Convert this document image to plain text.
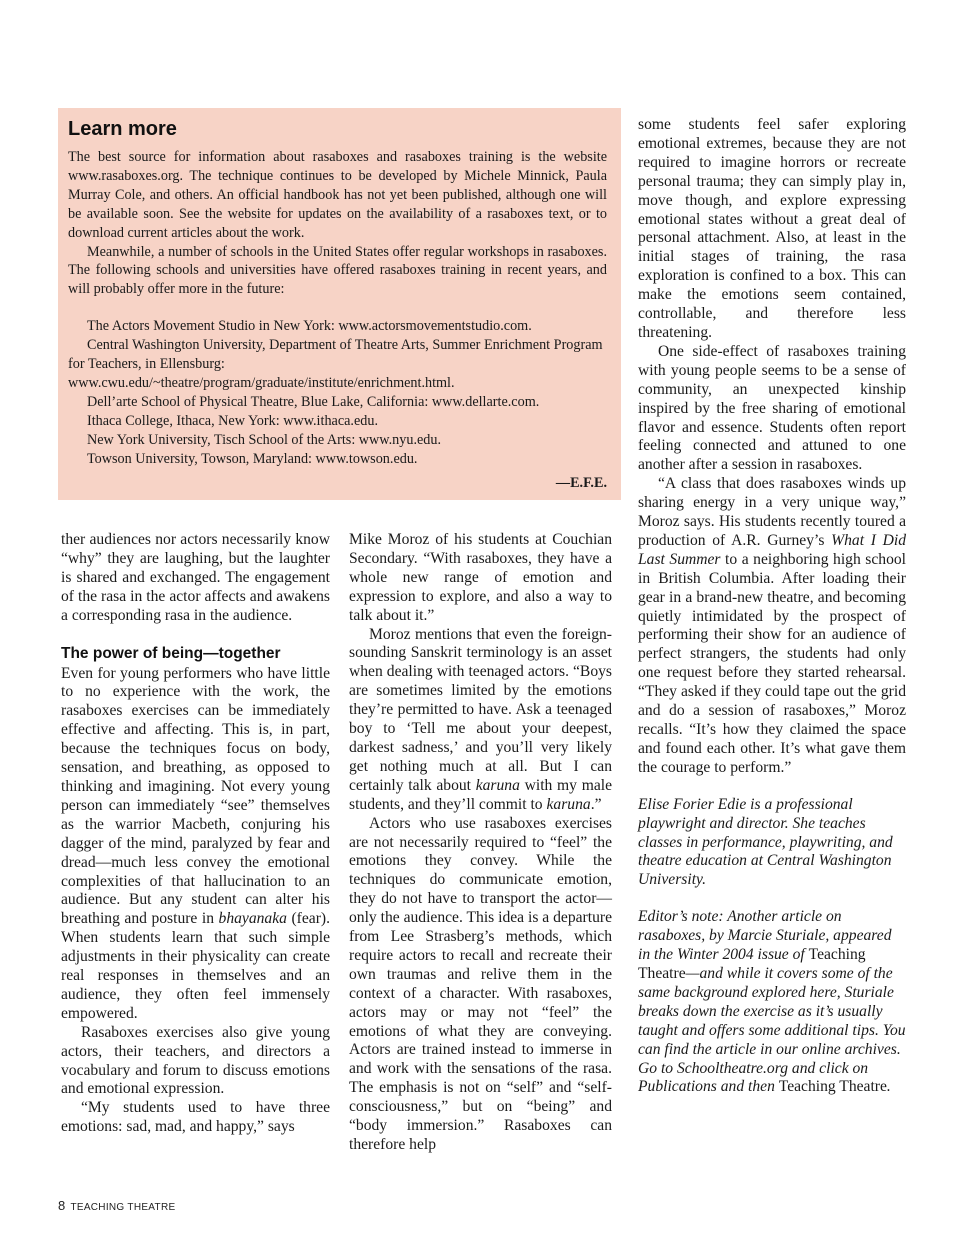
Learn more

The best source for information about rasaboxes and rasaboxes training is the website www.rasaboxes.org. The technique continues to be developed by Michele Minnick, Paula Murray Cole, and others. An official handbook has not yet been published, although one will be available soon. See the website for updates on the availability of a rasaboxes text, or to download current articles about the work.

Meanwhile, a number of schools in the United States offer regular workshops in rasaboxes. The following schools and universities have offered rasaboxes training in recent years, and will probably offer more in the future:

The Actors Movement Studio in New York: www.actorsmovementstudio.com.
Central Washington University, Department of Theatre Arts, Summer Enrichment Program for Teachers, in Ellensburg: www.cwu.edu/~theatre/program/graduate/institute/enrichment.html.
Dell’arte School of Physical Theatre, Blue Lake, California: www.dellarte.com.
Ithaca College, Ithaca, New York: www.ithaca.edu.
New York University, Tisch School of the Arts: www.nyu.edu.
Towson University, Towson, Maryland: www.towson.edu.
—E.F.E.

ther audiences nor actors necessarily know “why” they are laughing, but the laughter is shared and exchanged. The engagement of the rasa in the actor affects and awakens a corresponding rasa in the audience.

The power of being—together

Even for young performers who have little to no experience with the work, the rasaboxes exercises can be immediately effective and affecting. This is, in part, because the techniques focus on body, sensation, and breathing, as opposed to thinking and imagining. Not every young person can immediately “see” themselves as the warrior Macbeth, conjuring his dagger of the mind, paralyzed by fear and dread—much less convey the emotional complexities of that hallucination to an audience. But any student can alter his breathing and posture in bhayanaka (fear). When students learn that such simple adjustments in their physicality can create real responses in themselves and an audience, they often feel immensely empowered.

Rasaboxes exercises also give young actors, their teachers, and directors a vocabulary and forum to discuss emotions and emotional expression.

“My students used to have three emotions: sad, mad, and happy,” says

Mike Moroz of his students at Couchian Secondary. “With rasaboxes, they have a whole new range of emotion and expression to explore, and also a way to talk about it.”

Moroz mentions that even the foreign-sounding Sanskrit terminology is an asset when dealing with teenaged actors. “Boys are sometimes limited by the emotions they’re permitted to have. Ask a teenaged boy to ‘Tell me about your deepest, darkest sadness,’ and you’ll very likely get nothing much at all. But I can certainly talk about karuna with my male students, and they’ll commit to karuna.”

Actors who use rasaboxes exercises are not necessarily required to “feel” the emotions they convey. While the techniques do communicate emotion, they do not have to transport the actor—only the audience. This idea is a departure from Lee Strasberg’s methods, which require actors to recall and recreate their own traumas and relive them in the context of a character. With rasaboxes, actors may or may not “feel” the emotions of what they are conveying. Actors are trained instead to immerse in and work with the sensations of the rasa. The emphasis is not on “self” and “self-consciousness,” but on “being” and “body immersion.” Rasaboxes can therefore help

some students feel safer exploring emotional extremes, because they are not required to imagine horrors or recreate personal trauma; they can simply play in, move though, and explore expressing emotional states without a great deal of personal attachment. Also, at least in the initial stages of training, the rasa exploration is confined to a box. This can make the emotions seem contained, controllable, and therefore less threatening.

One side-effect of rasaboxes training with young people seems to be a sense of community, an unexpected kinship inspired by the free sharing of emotional flavor and essence. Students often report feeling connected and attuned to one another after a session in rasaboxes.

“A class that does rasaboxes winds up sharing energy in a very unique way,” Moroz says. His students recently toured a production of A.R. Gurney’s What I Did Last Summer to a neighboring high school in British Columbia. After loading their gear in a brand-new theatre, and becoming quietly intimidated by the prospect of performing their show for an audience of perfect strangers, the students had only one request before they started rehearsal. “They asked if they could tape out the grid and do a session of rasaboxes,” Moroz recalls. “It’s how they claimed the space and found each other. It’s what gave them the courage to perform.”

Elise Forier Edie is a professional playwright and director. She teaches classes in performance, playwriting, and theatre education at Central Washington University.

Editor’s note: Another article on rasaboxes, by Marcie Sturiale, appeared in the Winter 2004 issue of Teaching Theatre—and while it covers some of the same background explored here, Sturiale breaks down the exercise as it’s usually taught and offers some additional tips. You can find the article in our online archives. Go to Schooltheatre.org and click on Publications and then Teaching Theatre.

8 TEACHING THEATRE
